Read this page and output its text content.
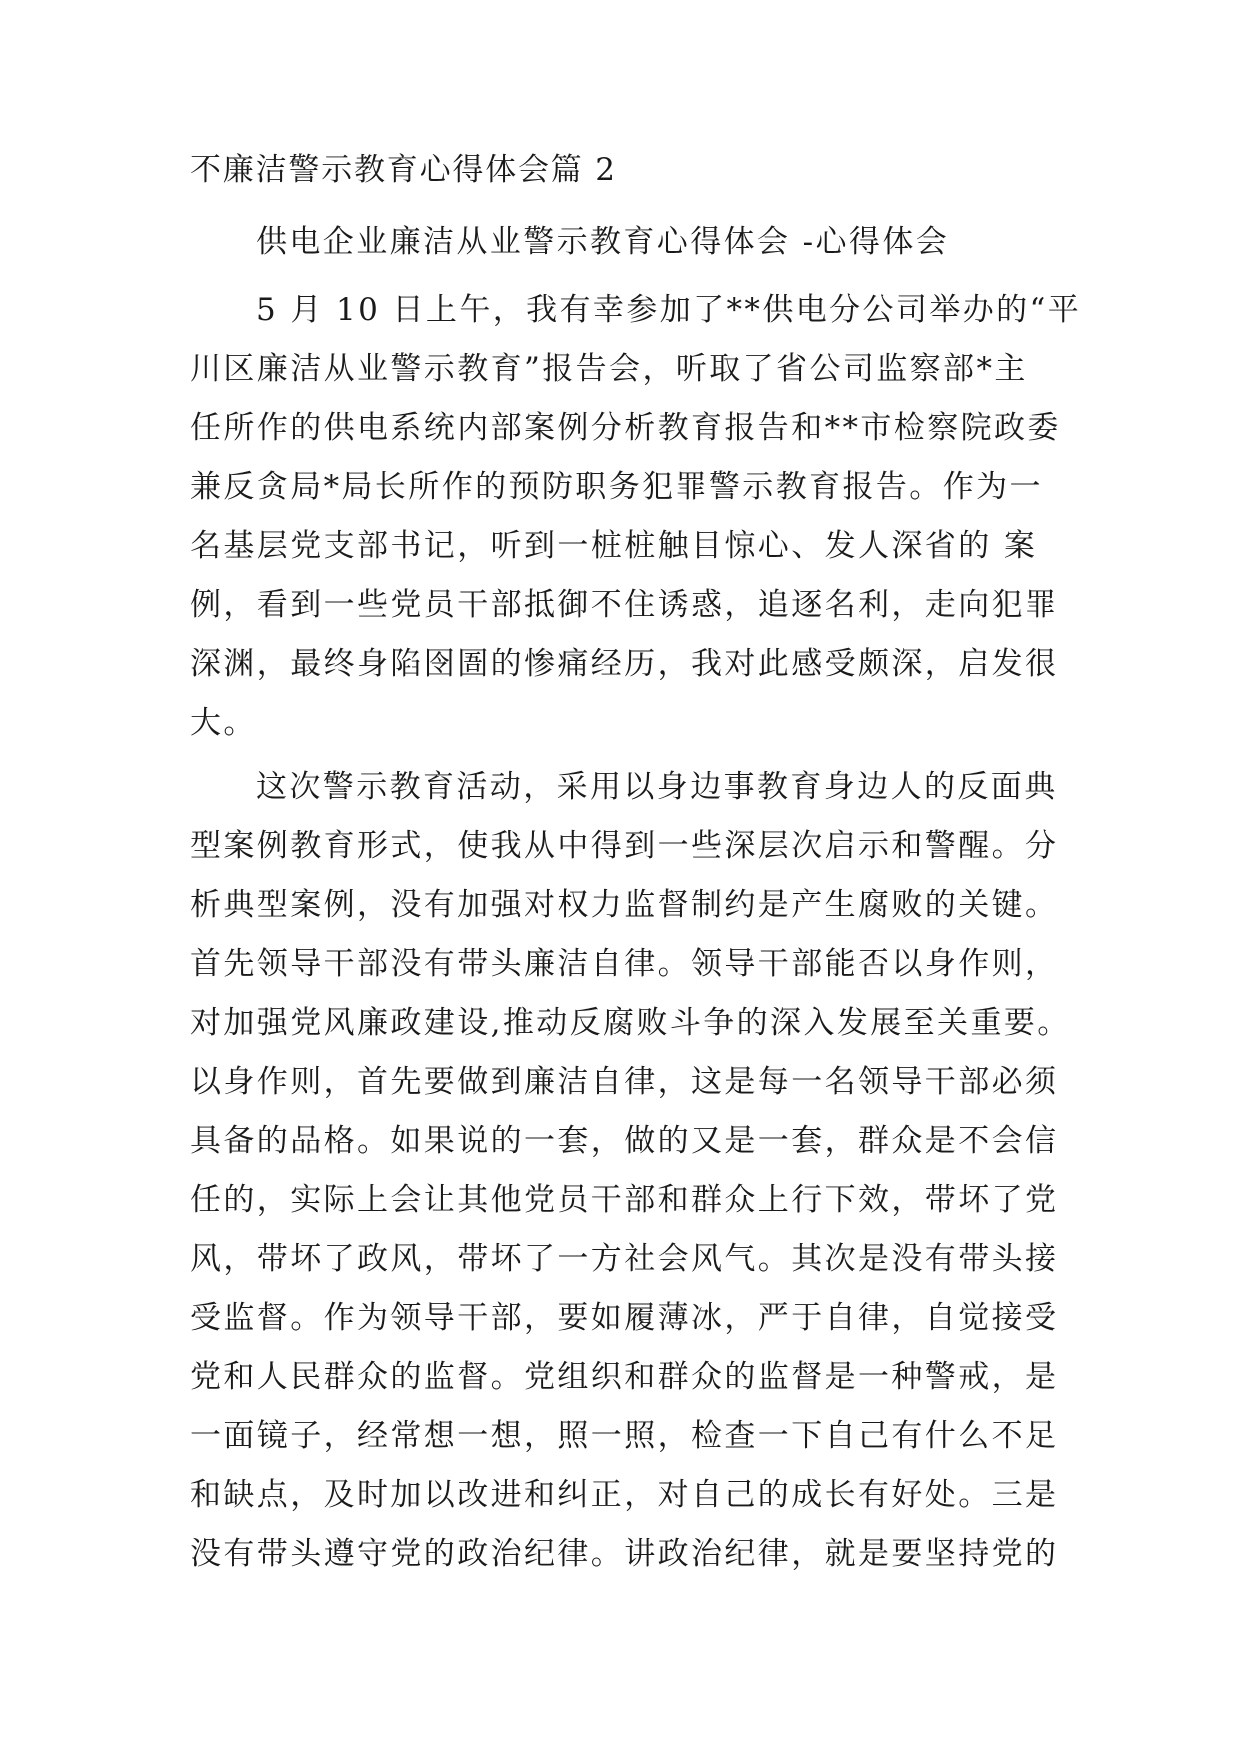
不廉洁警示教育心得体会篇 2
供电企业廉洁从业警示教育心得体会 -心得体会
5 月 10 日上午，我有幸参加了**供电分公司举办的“平
川区廉洁从业警示教育”报告会，听取了省公司监察部*主
任所作的供电系统内部案例分析教育报告和**市检察院政委
兼反贪局*局长所作的预防职务犯罪警示教育报告。作为一
名基层党支部书记，听到一桩桩触目惊心、发人深省的 案
例，看到一些党员干部抵御不住诱惑，追逐名利，走向犯罪
深渊，最终身陷囹圄的惨痛经历，我对此感受颇深，启发很
大。
这次警示教育活动，采用以身边事教育身边人的反面典
型案例教育形式，使我从中得到一些深层次启示和警醒。分
析典型案例，没有加强对权力监督制约是产生腐败的关键。
首先领导干部没有带头廉洁自律。领导干部能否以身作则，
对加强党风廉政建设,推动反腐败斗争的深入发展至关重要。
以身作则，首先要做到廉洁自律，这是每一名领导干部必须
具备的品格。如果说的一套，做的又是一套，群众是不会信
任的，实际上会让其他党员干部和群众上行下效，带坏了党
风，带坏了政风，带坏了一方社会风气。其次是没有带头接
受监督。作为领导干部，要如履薄冰，严于自律，自觉接受
党和人民群众的监督。党组织和群众的监督是一种警戒，是
一面镜子，经常想一想，照一照，检查一下自己有什么不足
和缺点，及时加以改进和纠正，对自己的成长有好处。三是
没有带头遵守党的政治纪律。讲政治纪律，就是要坚持党的
